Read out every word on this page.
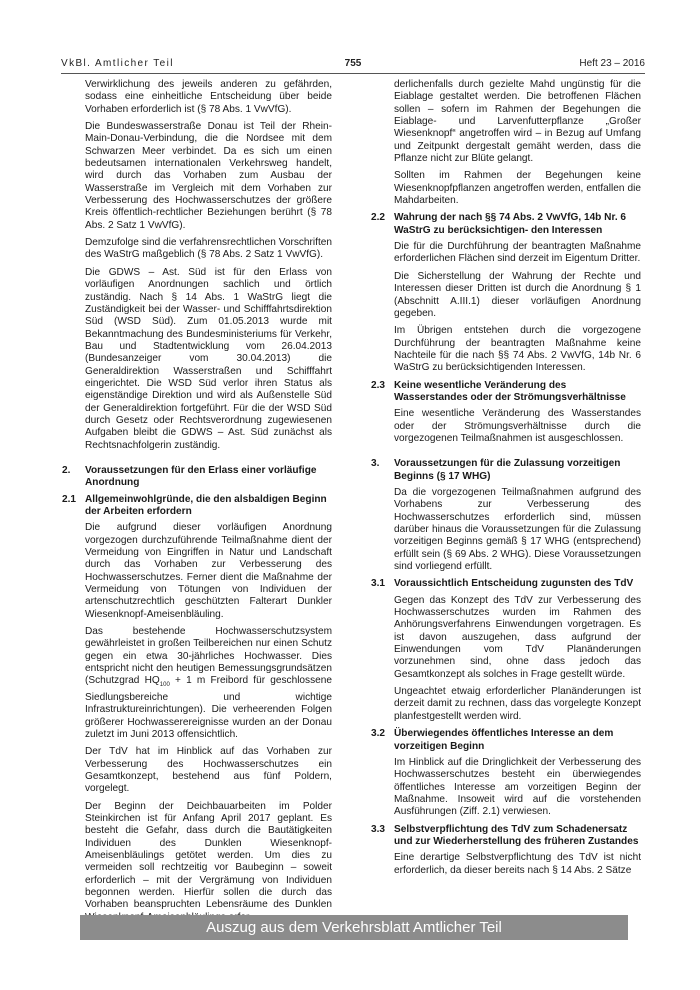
VkBl. Amtlicher Teil	755	Heft 23 – 2016

Verwirklichung des jeweils anderen zu gefährden, sodass eine einheitliche Entscheidung über beide Vorhaben erforderlich ist (§ 78 Abs. 1 VwVfG).

Die Bundeswasserstraße Donau ist Teil der Rhein-Main-Donau-Verbindung, die die Nordsee mit dem Schwarzen Meer verbindet. Da es sich um einen bedeutsamen internationalen Verkehrsweg handelt, wird durch das Vorhaben zum Ausbau der Wasserstraße im Vergleich mit dem Vorhaben zur Verbesserung des Hochwasserschutzes der größere Kreis öffentlich-rechtlicher Beziehungen berührt (§ 78 Abs. 2 Satz 1 VwVfG).

Demzufolge sind die verfahrensrechtlichen Vorschriften des WaStrG maßgeblich (§ 78 Abs. 2 Satz 1 VwVfG).

Die GDWS – Ast. Süd ist für den Erlass von vorläufigen Anordnungen sachlich und örtlich zuständig. Nach § 14 Abs. 1 WaStrG liegt die Zuständigkeit bei der Wasser- und Schifffahrtsdirektion Süd (WSD Süd). Zum 01.05.2013 wurde mit Bekanntmachung des Bundesministeriums für Verkehr, Bau und Stadtentwicklung vom 26.04.2013 (Bundesanzeiger vom 30.04.2013) die Generaldirektion Wasserstraßen und Schifffahrt eingerichtet. Die WSD Süd verlor ihren Status als eigenständige Direktion und wird als Außenstelle Süd der Generaldirektion fortgeführt. Für die der WSD Süd durch Gesetz oder Rechtsverordnung zugewiesenen Aufgaben bleibt die GDWS – Ast. Süd zunächst als Rechtsnachfolgerin zuständig.

2.	Voraussetzungen für den Erlass einer vorläufige Anordnung
2.1 Allgemeinwohlgründe, die den alsbaldigen Beginn der Arbeiten erfordern

Die aufgrund dieser vorläufigen Anordnung vorgezogen durchzuführende Teilmaßnahme dient der Vermeidung von Eingriffen in Natur und Landschaft durch das Vorhaben zur Verbesserung des Hochwasserschutzes. Ferner dient die Maßnahme der Vermeidung von Tötungen von Individuen der artenschutzrechtlich geschützten Falterart Dunkler Wiesenknopf-Ameisenbläuling.

Das bestehende Hochwasserschutzsystem gewährleistet in großen Teilbereichen nur einen Schutz gegen ein etwa 30-jährliches Hochwasser. Dies entspricht nicht den heutigen Bemessungsgrundsätzen (Schutzgrad $HQ_{100} + 1$ m Freibord für geschlossene Siedlungsbereiche und wichtige Infrastruktureinrichtungen). Die verheerenden Folgen größerer Hochwasserereignisse wurden an der Donau zuletzt im Juni 2013 offensichtlich.

Der TdV hat im Hinblick auf das Vorhaben zur Verbesserung des Hochwasserschutzes ein Gesamtkonzept, bestehend aus fünf Poldern, vorgelegt.

Der Beginn der Deichbauarbeiten im Polder Steinkirchen ist für Anfang April 2017 geplant. Es besteht die Gefahr, dass durch die Bautätigkeiten Individuen des Dunklen Wiesenknopf-Ameisenbläulings getötet werden. Um dies zu vermeiden soll rechtzeitig vor Baubeginn – soweit erforderlich – mit der Vergrämung von Individuen begonnen werden. Hierfür sollen die durch das Vorhaben beanspruchten Lebensräume des Dunklen

derlichenfalls durch gezielte Mahd ungünstig für die Eiablage gestaltet werden. Die betroffenen Flächen sollen – sofern im Rahmen der Begehungen die Eiablage- und Larvenfutterpflanze „Großer Wiesenknopf“ angetroffen wird – in Bezug auf Umfang und Zeitpunkt dergestalt gemäht werden, dass die Pflanze nicht zur Blüte gelangt.

Sollten im Rahmen der Begehungen keine Wiesenknopfpflanzen angetroffen werden, entfallen die Mahdarbeiten.

2.2 Wahrung der nach §§ 74 Abs. 2 VwVfG, 14b Nr. 6 WaStrG zu berücksichtigen- den Interessen

Die für die Durchführung der beantragten Maßnahme erforderlichen Flächen sind derzeit im Eigentum Dritter.

Die Sicherstellung der Wahrung der Rechte und Interessen dieser Dritten ist durch die Anordnung § 1 (Abschnitt A.III.1) dieser vorläufigen Anordnung gegeben.

Im Übrigen entstehen durch die vorgezogene Durchführung der beantragten Maßnahme keine Nachteile für die nach §§ 74 Abs. 2 VwVfG, 14b Nr. 6 WaStrG zu berücksichtigenden Interessen.

2.3 Keine wesentliche Veränderung des Wasserstandes oder der Strömungsverhältnisse

Eine wesentliche Veränderung des Wasserstandes oder der Strömungsverhältnisse durch die vorgezogenen Teilmaßnahmen ist ausgeschlossen.

3.	Voraussetzungen für die Zulassung vorzeitigen Beginns (§ 17 WHG)

Da die vorgezogenen Teilmaßnahmen aufgrund des Vorhabens zur Verbesserung des Hochwasserschutzes erforderlich sind, müssen darüber hinaus die Voraussetzungen für die Zulassung vorzeitigen Beginns gemäß § 17 WHG (entsprechend) erfüllt sein (§ 69 Abs. 2 WHG). Diese Voraussetzungen sind vorliegend erfüllt.

3.1 Voraussichtlich Entscheidung zugunsten des TdV

Gegen das Konzept des TdV zur Verbesserung des Hochwasserschutzes wurden im Rahmen des Anhörungsverfahrens Einwendungen vorgetragen. Es ist davon auszugehen, dass aufgrund der Einwendungen vom TdV Planänderungen vorzunehmen sind, ohne dass jedoch das Gesamtkonzept als solches in Frage gestellt würde.

Ungeachtet etwaig erforderlicher Planänderungen ist derzeit damit zu rechnen, dass das vorgelegte Konzept planfestgestellt werden wird.

3.2 Überwiegendes öffentliches Interesse an dem vorzeitigen Beginn

Im Hinblick auf die Dringlichkeit der Verbesserung des Hochwasserschutzes besteht ein überwiegendes öffentliches Interesse am vorzeitigen Beginn der Maßnahme. Insoweit wird auf die vorstehenden Ausführungen (Ziff. 2.1) verwiesen.

3.3 Selbstverpflichtung des TdV zum Schadenersatz und zur Wiederherstellung des früheren Zustandes

Eine derartige Selbstverpflichtung des TdV ist nicht erforderlich, da dieser bereits nach § 14 Abs. 2 Sätze

Auszug aus dem Verkehrsblatt Amtlicher Teil
